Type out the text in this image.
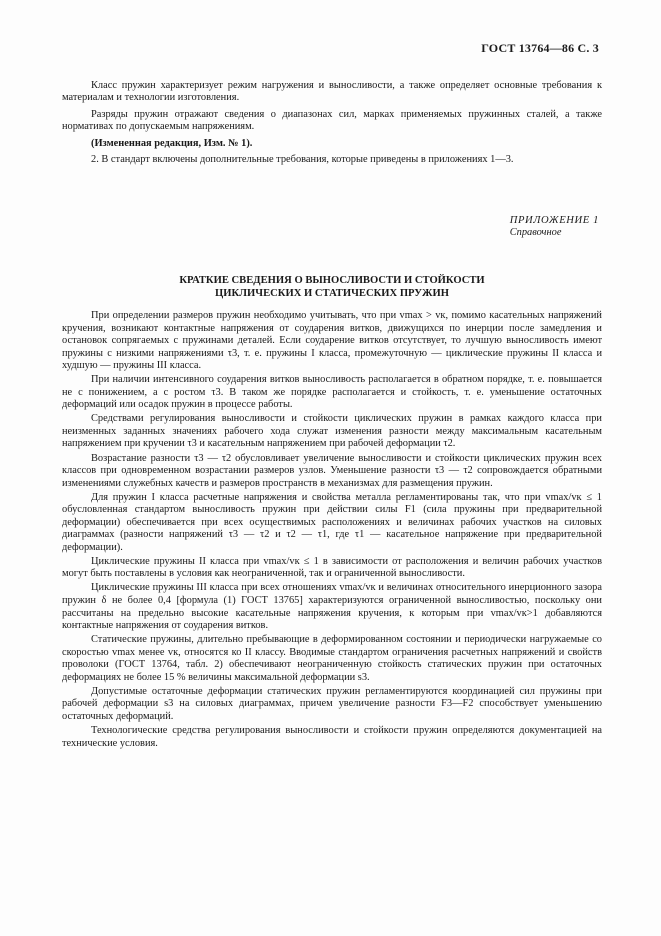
ГОСТ 13764—86 С. 3

Класс пружин характеризует режим нагружения и выносливости, а также определяет основные требования к материалам и технологии изготовления.

Разряды пружин отражают сведения о диапазонах сил, марках применяемых пружинных сталей, а также нормативах по допускаемым напряжениям.

(Измененная редакция, Изм. № 1).

2. В стандарт включены дополнительные требования, которые приведены в приложениях 1—3.

ПРИЛОЖЕНИЕ 1
Справочное
КРАТКИЕ СВЕДЕНИЯ О ВЫНОСЛИВОСТИ И СТОЙКОСТИ
ЦИКЛИЧЕСКИХ И СТАТИЧЕСКИХ ПРУЖИН

При определении размеров пружин необходимо учитывать, что при vmax > vк, помимо касательных напряжений кручения, возникают контактные напряжения от соударения витков, движущихся по инерции после замедления и остановок сопрягаемых с пружинами деталей. Если соударение витков отсутствует, то лучшую выносливость имеют пружины с низкими напряжениями τ3, т. е. пружины I класса, промежуточную — циклические пружины II класса и худшую — пружины III класса.

При наличии интенсивного соударения витков выносливость располагается в обратном порядке, т. е. повышается не с понижением, а с ростом τ3. В таком же порядке располагается и стойкость, т. е. уменьшение остаточных деформаций или осадок пружин в процессе работы.

Средствами регулирования выносливости и стойкости циклических пружин в рамках каждого класса при неизменных заданных значениях рабочего хода служат изменения разности между максимальным касательным напряжением при кручении τ3 и касательным напряжением при рабочей деформации τ2.

Возрастание разности τ3 — τ2 обусловливает увеличение выносливости и стойкости циклических пружин всех классов при одновременном возрастании размеров узлов. Уменьшение разности τ3 — τ2 сопровождается обратными изменениями служебных качеств и размеров пространств в механизмах для размещения пружин.

Для пружин I класса расчетные напряжения и свойства металла регламентированы так, что при vmax/vк ≤ 1 обусловленная стандартом выносливость пружин при действии силы F1 (сила пружины при предварительной деформации) обеспечивается при всех осуществимых расположениях и величинах рабочих участков на силовых диаграммах (разности напряжений τ3 — τ2 и τ2 — τ1, где τ1 — касательное напряжение при предварительной деформации).

Циклические пружины II класса при vmax/vк ≤ 1 в зависимости от расположения и величин рабочих участков могут быть поставлены в условия как неограниченной, так и ограниченной выносливости.

Циклические пружины III класса при всех отношениях vmax/vк и величинах относительного инерционного зазора пружин δ не более 0,4 [формула (1) ГОСТ 13765] характеризуются ограниченной выносливостью, поскольку они рассчитаны на предельно высокие касательные напряжения кручения, к которым при vmax/vк>1 добавляются контактные напряжения от соударения витков.

Статические пружины, длительно пребывающие в деформированном состоянии и периодически нагружаемые со скоростью vmax менее vк, относятся ко II классу. Вводимые стандартом ограничения расчетных напряжений и свойств проволоки (ГОСТ 13764, табл. 2) обеспечивают неограниченную стойкость статических пружин при остаточных деформациях не более 15 % величины максимальной деформации s3.

Допустимые остаточные деформации статических пружин регламентируются координацией сил пружины при рабочей деформации s3 на силовых диаграммах, причем увеличение разности F3—F2 способствует уменьшению остаточных деформаций.

Технологические средства регулирования выносливости и стойкости пружин определяются документацией на технические условия.
